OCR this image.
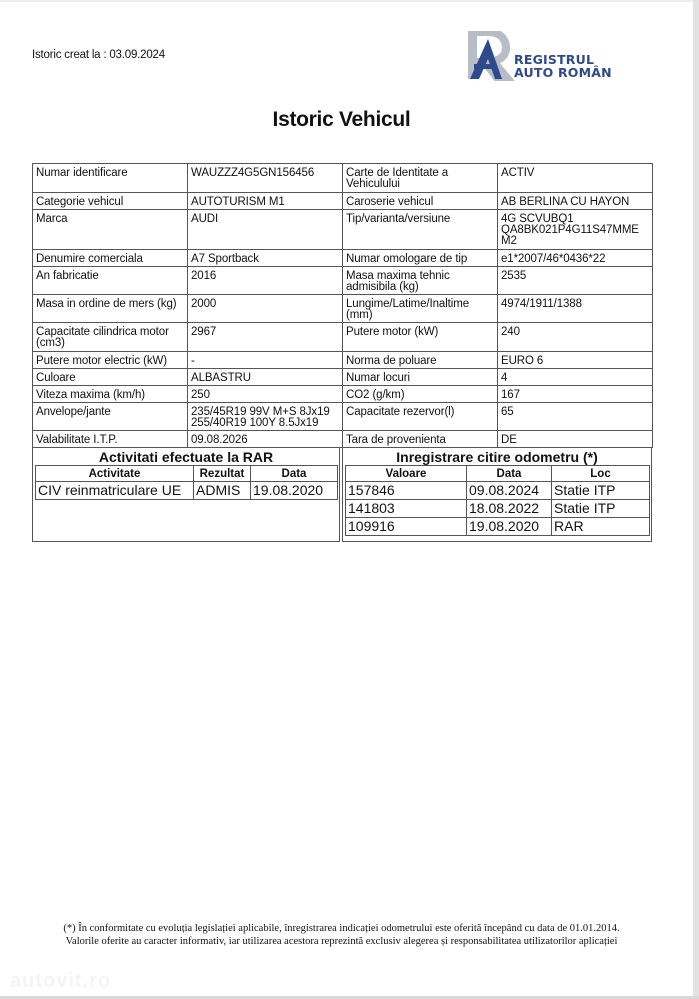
Istoric creat la : 03.09.2024	REGISTRUL
AUTO ROMÂN
Istoric Vehicul
Numar identificare	WAUZZZ4G5GN156456	Carte de Identitate a Vehiculului	ACTIV
Categorie vehicul	AUTOTURISM M1	Caroserie vehicul	AB BERLINA CU HAYON
Marca	AUDI	Tip/varianta/versiune	4G SCVUBQ1 QA8BK021P4G11S47MME M2
Denumire comerciala	A7 Sportback	Numar omologare de tip	e1*2007/46*0436*22
An fabricatie	2016	Masa maxima tehnic admisibila (kg)	2535
Masa in ordine de mers (kg)	2000	Lungime/Latime/Inaltime (mm)	4974/1911/1388
Capacitate cilindrica motor (cm3)	2967	Putere motor (kW)	240
Putere motor electric (kW)	-	Norma de poluare	EURO 6
Culoare	ALBASTRU	Numar locuri	4
Viteza maxima (km/h)	250	CO2 (g/km)	167
Anvelope/jante	235/45R19 99V M+S 8Jx19 255/40R19 100Y 8.5Jx19	Capacitate rezervor(l)	65
Valabilitate I.T.P.	09.08.2026	Tara de provenienta	DE
Activitati efectuate la RAR
Activitate	Rezultat	Data
CIV reinmatriculare UE	ADMIS	19.08.2020
Inregistrare citire odometru (*)
Valoare	Data	Loc
157846	09.08.2024	Statie ITP
141803	18.08.2022	Statie ITP
109916	19.08.2020	RAR
(*) În conformitate cu evoluția legislației aplicabile, înregistrarea indicației odometrului este oferită începând cu data de 01.01.2014.
Valorile oferite au caracter informativ, iar utilizarea acestora reprezintă exclusiv alegerea și responsabilitatea utilizatorilor aplicației
autovit.ro
